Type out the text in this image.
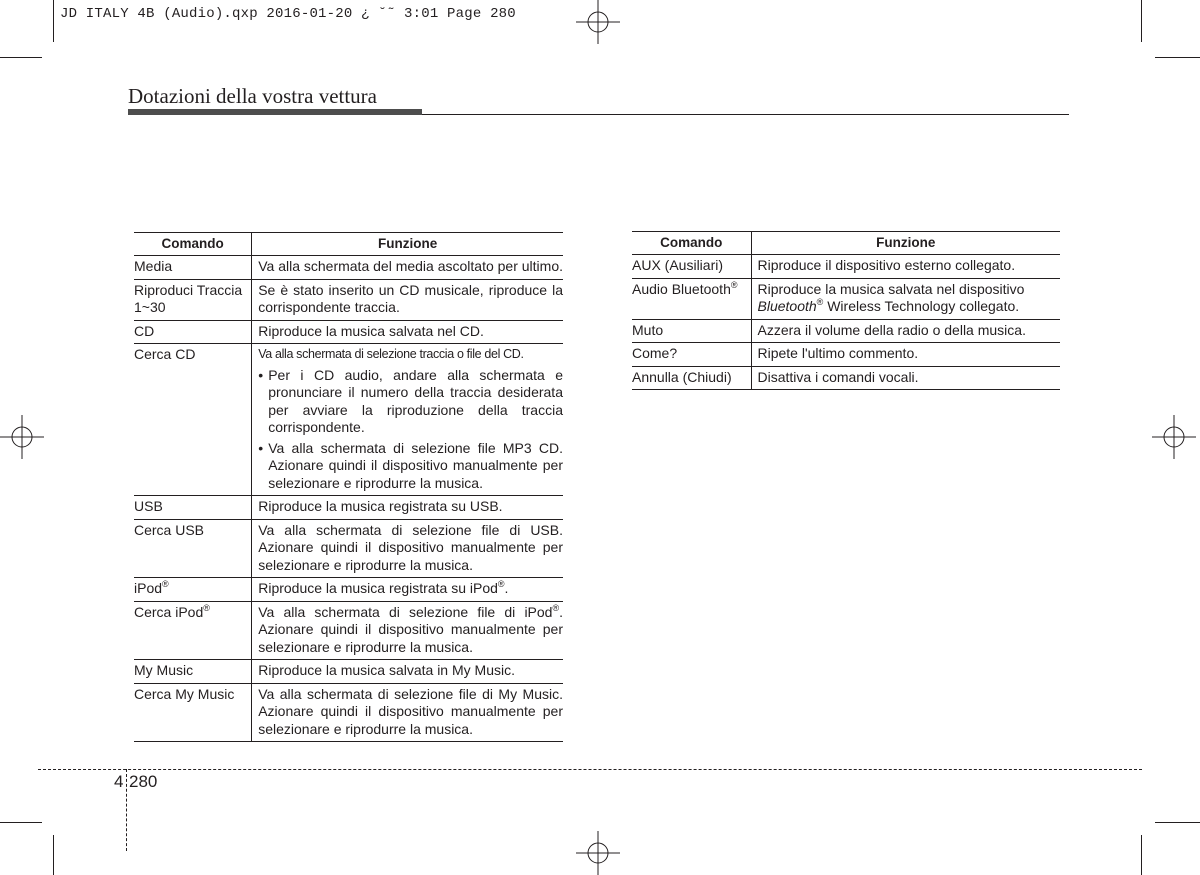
JD ITALY 4B (Audio).qxp 2016-01-20 ¿ ˘˜ 3:01 Page 280
Dotazioni della vostra vettura
Comando	Funzione
Media	Va alla schermata del media ascoltato per ultimo.
Riproduci Traccia
1~30	Se è stato inserito un CD musicale, riproduce la corrispondente traccia.
CD	Riproduce la musica salvata nel CD.
Cerca CD	Va alla schermata di selezione traccia o file del CD.
• Per i CD audio, andare alla schermata e pronunciare il numero della traccia desiderata per avviare la riproduzione della traccia corrispondente.
• Va alla schermata di selezione file MP3 CD. Azionare quindi il dispositivo manualmente per selezionare e riprodurre la musica.

USB	Riproduce la musica registrata su USB.
Cerca USB	Va alla schermata di selezione file di USB. Azionare quindi il dispositivo manualmente per selezionare e riprodurre la musica.
iPod®	Riproduce la musica registrata su iPod®.
Cerca iPod®	Va alla schermata di selezione file di iPod®. Azionare quindi il dispositivo manualmente per selezionare e riprodurre la musica.
My Music	Riproduce la musica salvata in My Music.
Cerca My Music	Va alla schermata di selezione file di My Music. Azionare quindi il dispositivo manualmente per selezionare e riprodurre la musica.
Comando	Funzione
AUX (Ausiliari)	Riproduce il dispositivo esterno collegato.
Audio Bluetooth®	Riproduce la musica salvata nel dispositivo
Bluetooth® Wireless Technology collegato.
Muto	Azzera il volume della radio o della musica.
Come?	Ripete l'ultimo commento.
Annulla (Chiudi)	Disattiva i comandi vocali.
4 280
